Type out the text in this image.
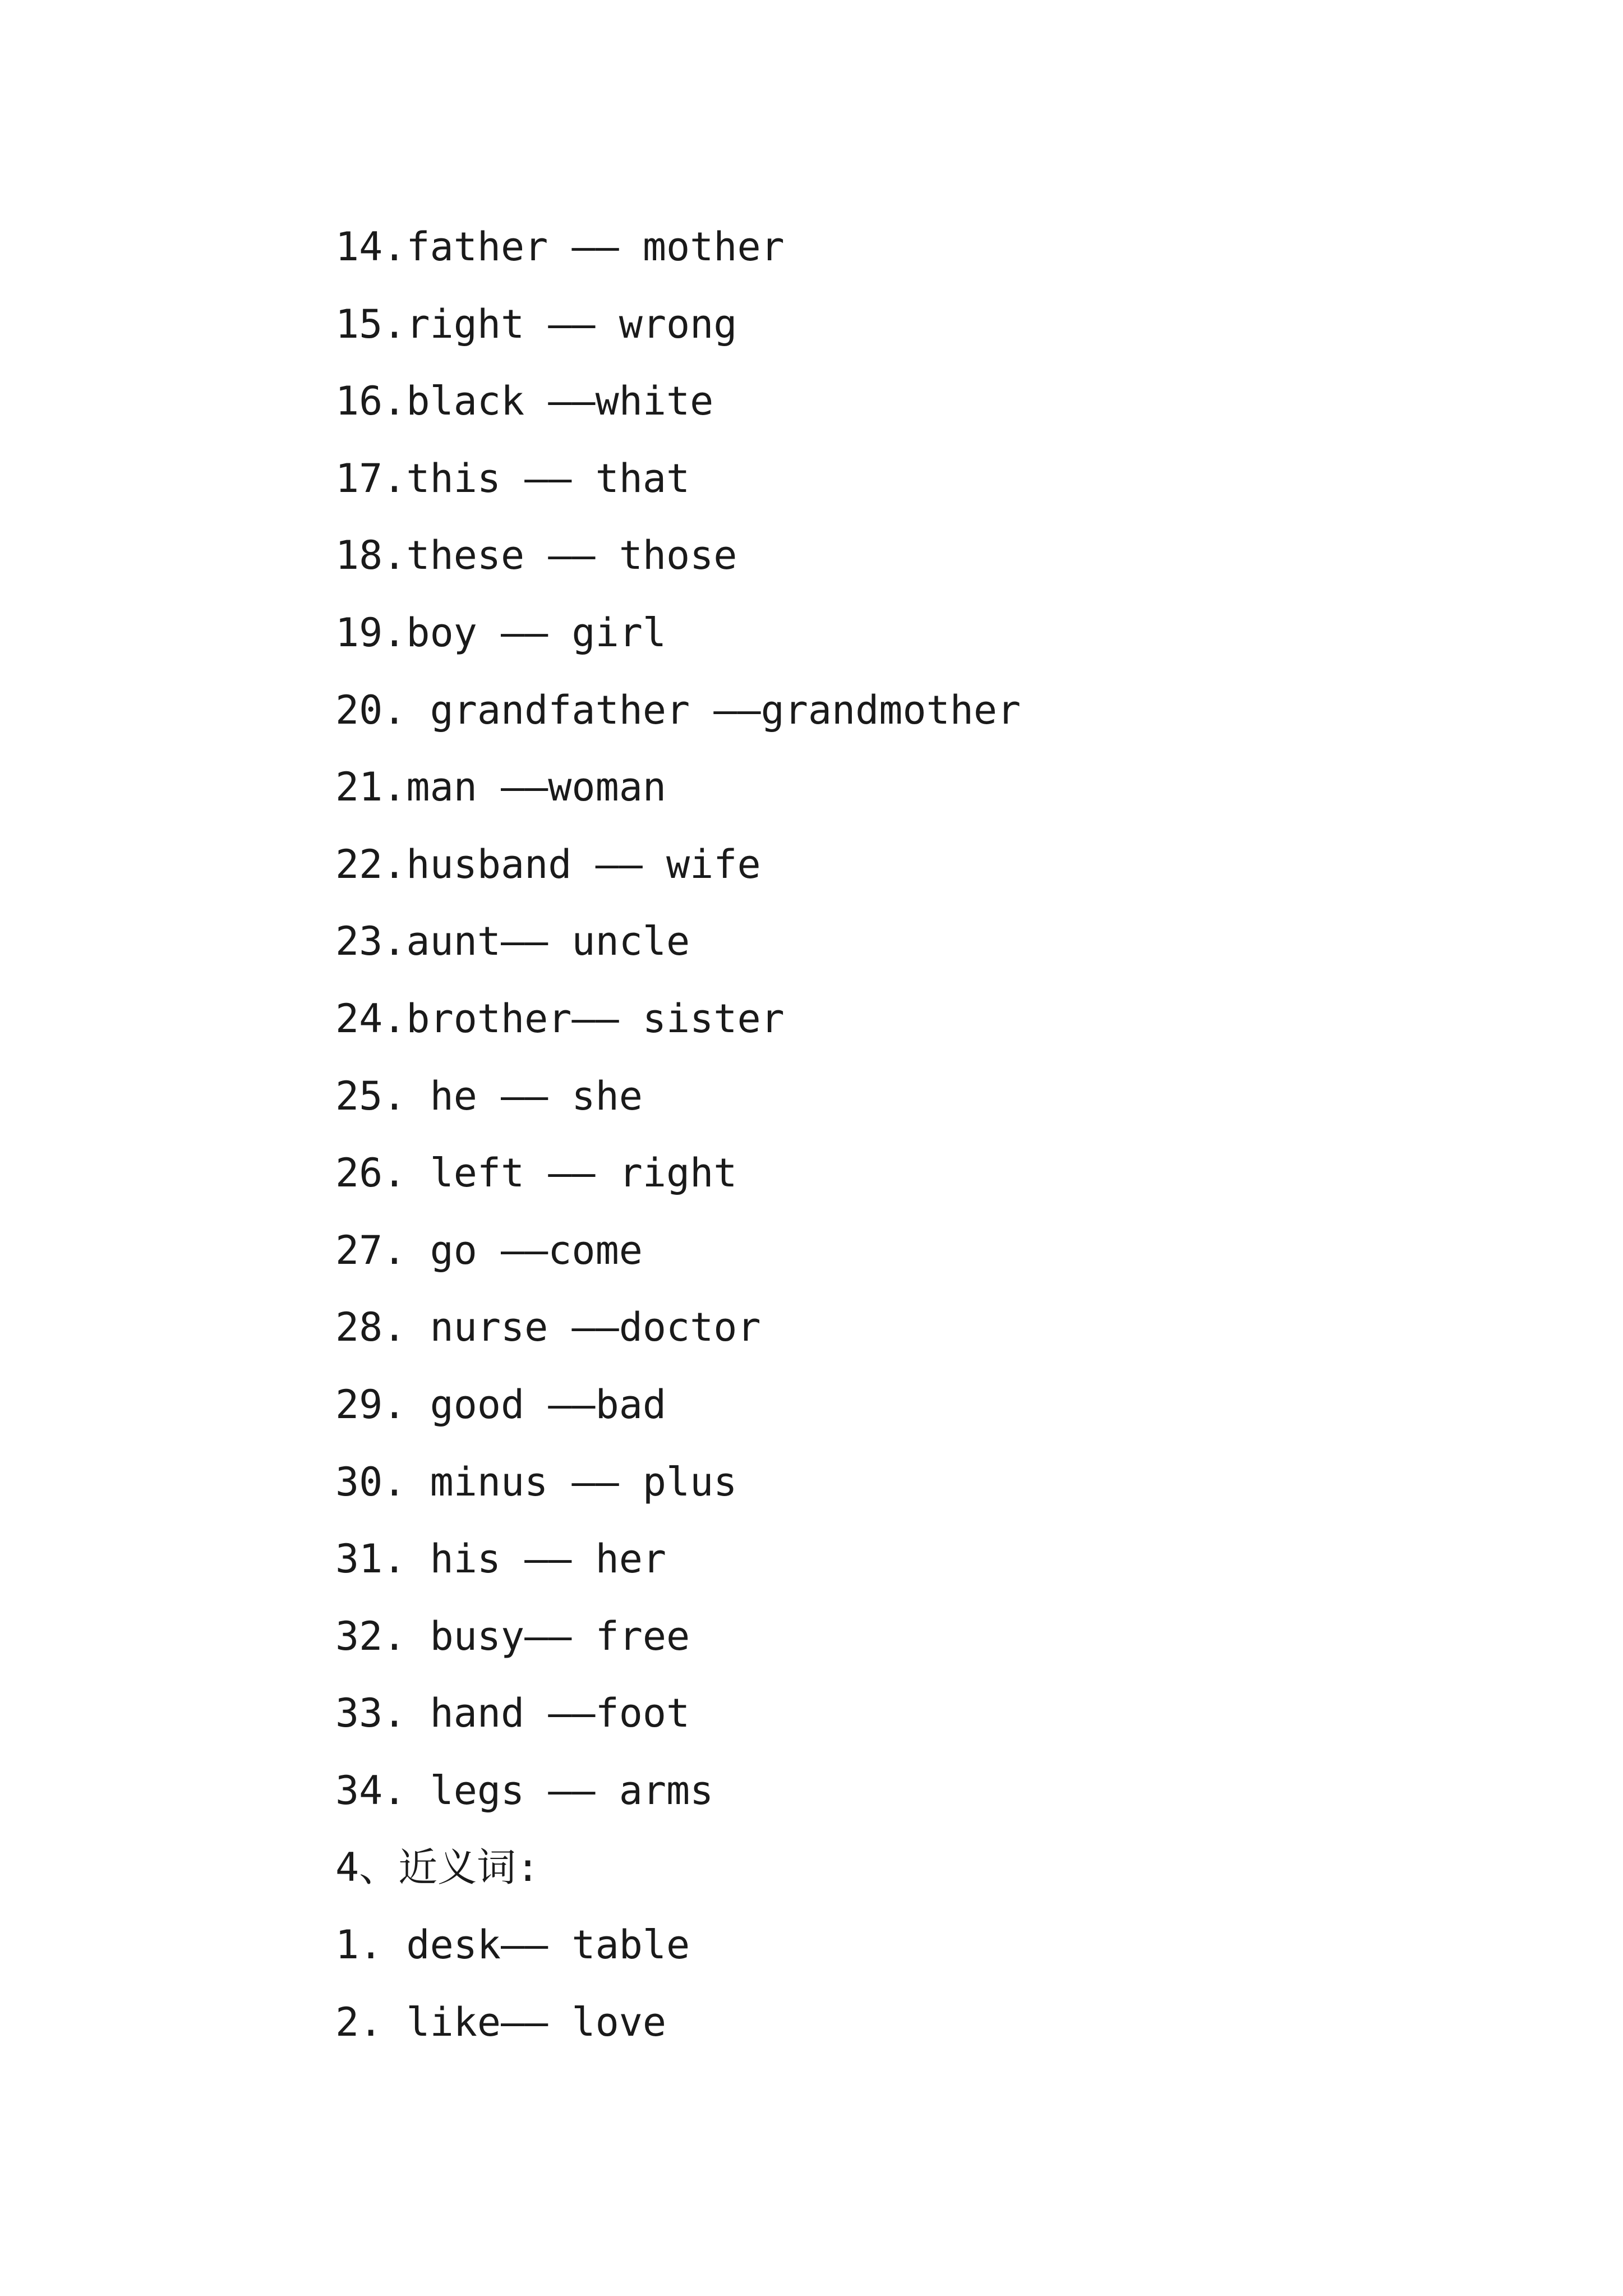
14.father —— mother
15.right —— wrong
16.black ——white
17.this —— that
18.these —— those
19.boy —— girl
20. grandfather ——grandmother
21.man ——woman
22.husband —— wife
23.aunt—— uncle
24.brother—— sister
25. he —— she
26. left —— right
27. go ——come
28. nurse ——doctor
29. good ——bad
30. minus —— plus
31. his —— her
32. busy—— free
33. hand ——foot
34. legs —— arms
4、近义词:
1. desk—— table
2. like—— love
